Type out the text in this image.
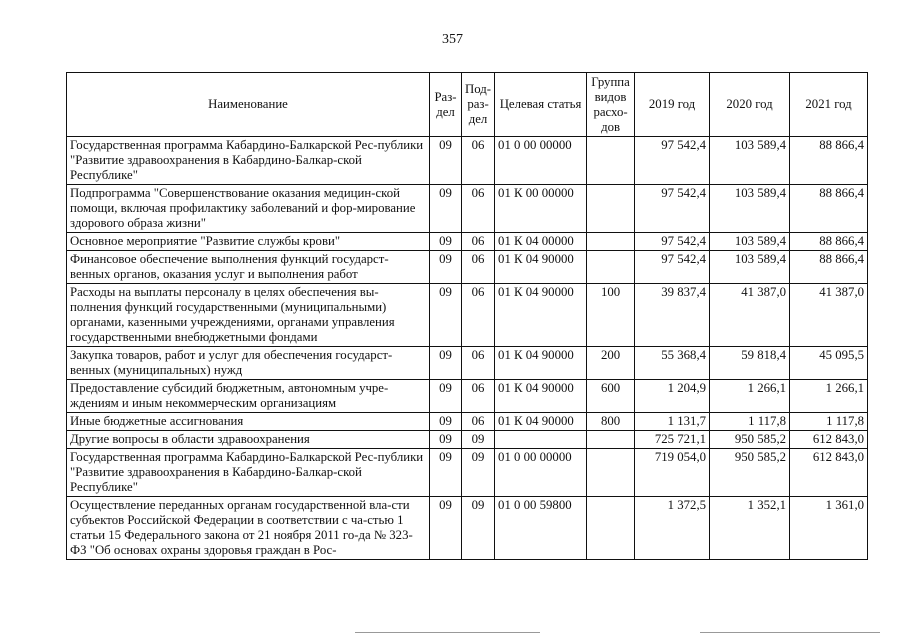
357
Наименование	Раз-дел	Под-раз-дел	Целевая статья	Группа видов расхо-дов	2019 год	2020 год	2021 год
Государственная программа Кабардино-Балкарской Рес-публики "Развитие здравоохранения в Кабардино-Балкар-ской Республике"	09	06	01 0 00 00000		97 542,4	103 589,4	88 866,4
Подпрограмма "Совершенствование оказания медицин-ской помощи, включая профилактику заболеваний и фор-мирование здорового образа жизни"	09	06	01 К 00 00000		97 542,4	103 589,4	88 866,4
Основное мероприятие "Развитие службы крови"	09	06	01 К 04 00000		97 542,4	103 589,4	88 866,4
Финансовое обеспечение выполнения функций государст-венных органов, оказания услуг и выполнения работ	09	06	01 К 04 90000		97 542,4	103 589,4	88 866,4
Расходы на выплаты персоналу в целях обеспечения вы-полнения функций государственными (муниципальными) органами, казенными учреждениями, органами управления государственными внебюджетными фондами	09	06	01 К 04 90000	100	39 837,4	41 387,0	41 387,0
Закупка товаров, работ и услуг для обеспечения государст-венных (муниципальных) нужд	09	06	01 К 04 90000	200	55 368,4	59 818,4	45 095,5
Предоставление субсидий бюджетным, автономным учре-ждениям и иным некоммерческим организациям	09	06	01 К 04 90000	600	1 204,9	1 266,1	1 266,1
Иные бюджетные ассигнования	09	06	01 К 04 90000	800	1 131,7	1 117,8	1 117,8
Другие вопросы в области здравоохранения	09	09			725 721,1	950 585,2	612 843,0
Государственная программа Кабардино-Балкарской Рес-публики "Развитие здравоохранения в Кабардино-Балкар-ской Республике"	09	09	01 0 00 00000		719 054,0	950 585,2	612 843,0
Осуществление переданных органам государственной вла-сти субъектов Российской Федерации в соответствии с ча-стью 1 статьи 15 Федерального закона от 21 ноября 2011 го-да № 323-ФЗ "Об основах охраны здоровья граждан в Рос-	09	09	01 0 00 59800		1 372,5	1 352,1	1 361,0
